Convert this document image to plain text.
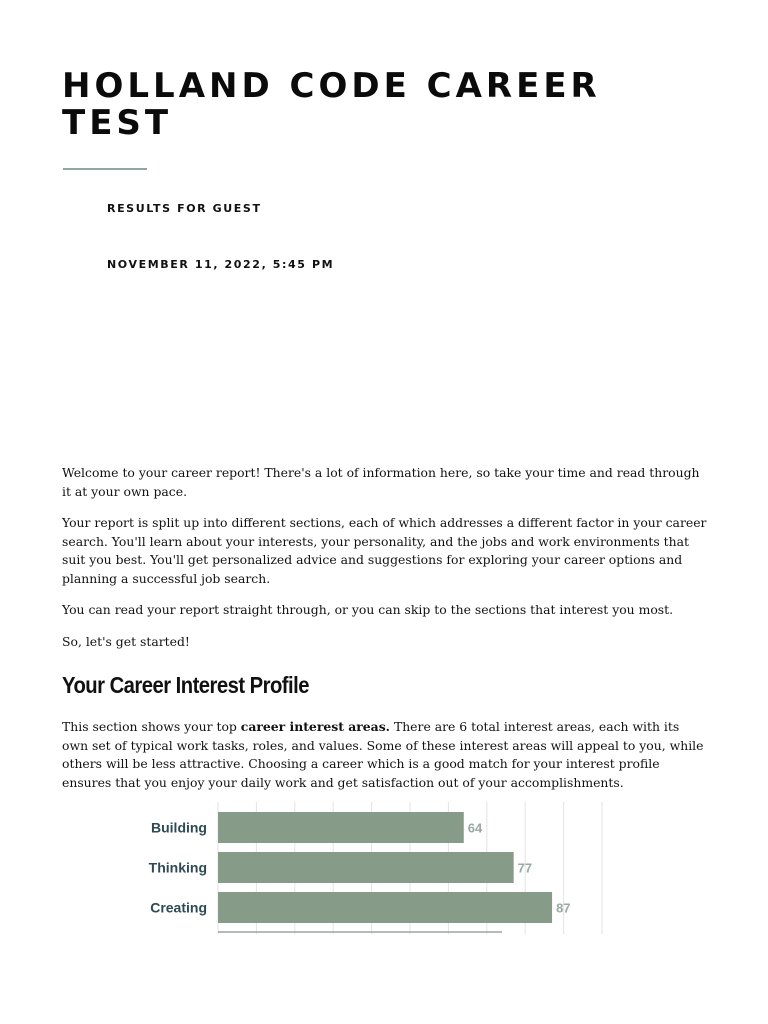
HOLLAND CODE CAREER TEST
RESULTS FOR GUEST
NOVEMBER 11, 2022, 5:45 PM

Welcome to your career report! There's a lot of information here, so take your time and read through it at your own pace.

Your report is split up into different sections, each of which addresses a different factor in your career search. You'll learn about your interests, your personality, and the jobs and work environments that suit you best. You'll get personalized advice and suggestions for exploring your career options and planning a successful job search.

You can read your report straight through, or you can skip to the sections that interest you most.

So, let's get started!

Your Career Interest Profile

This section shows your top career interest areas. There are 6 total interest areas, each with its own set of typical work tasks, roles, and values. Some of these interest areas will appeal to you, while others will be less attractive. Choosing a career which is a good match for your interest profile ensures that you enjoy your daily work and get satisfaction out of your accomplishments.

Building	64
Thinking	77
Creating	87
